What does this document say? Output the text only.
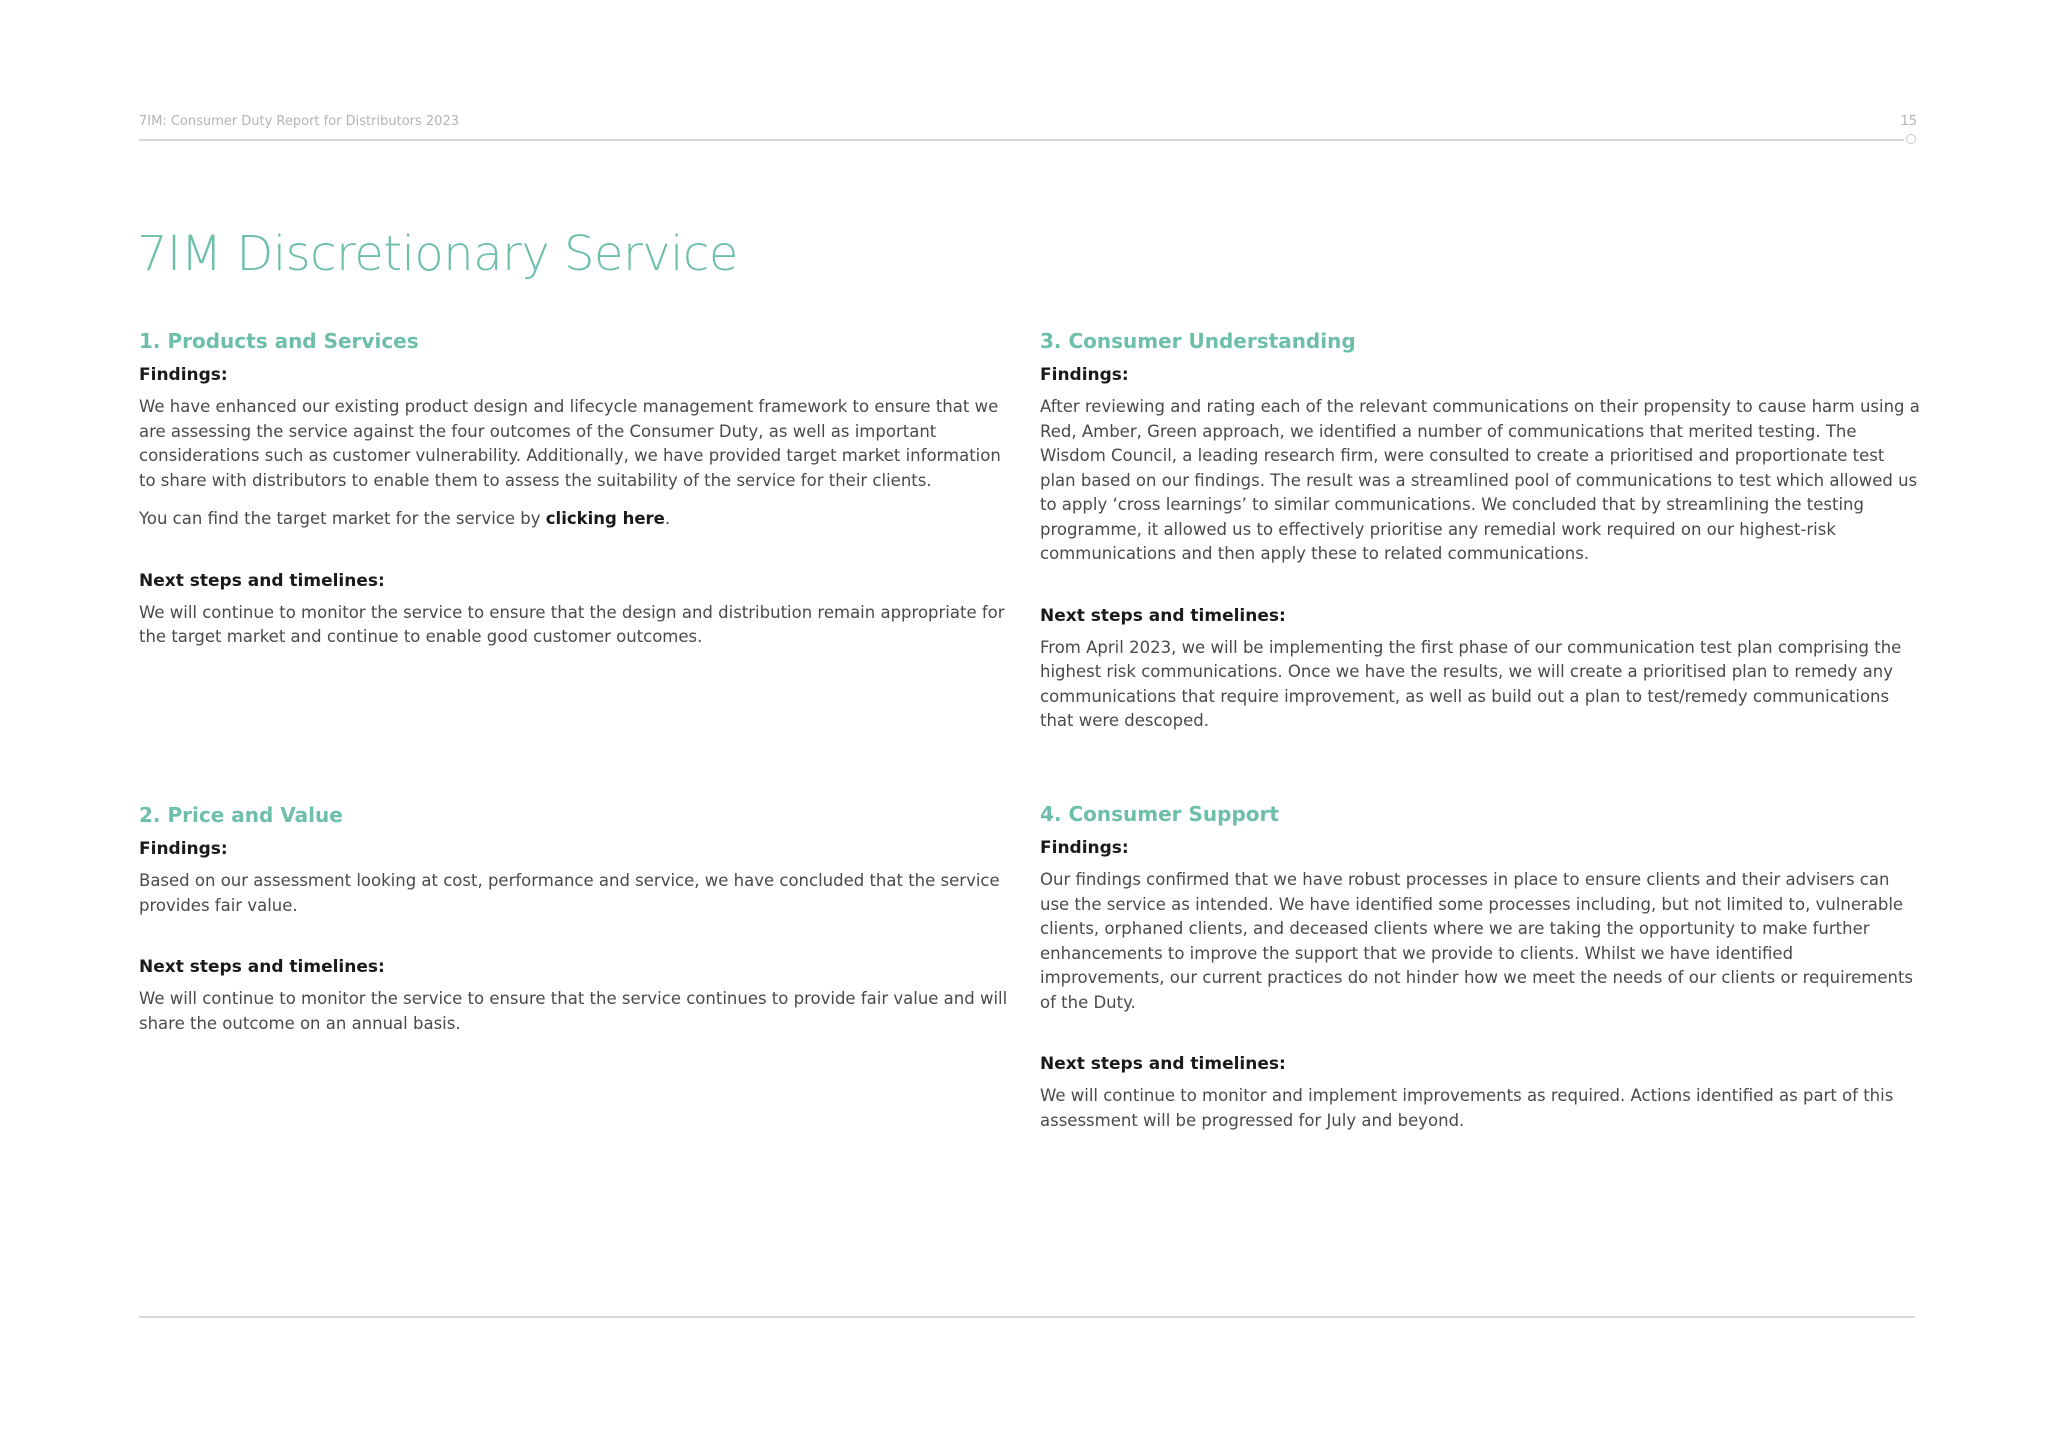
7IM: Consumer Duty Report for Distributors 2023	15
7IM Discretionary Service
1. Products and Services
Findings:

We have enhanced our existing product design and lifecycle management framework to ensure that we are assessing the service against the four outcomes of the Consumer Duty, as well as important considerations such as customer vulnerability. Additionally, we have provided target market information to share with distributors to enable them to assess the suitability of the service for their clients.

You can find the target market for the service by clicking here.

Next steps and timelines:

We will continue to monitor the service to ensure that the design and distribution remain appropriate for the target market and continue to enable good customer outcomes.

2. Price and Value
Findings:

Based on our assessment looking at cost, performance and service, we have concluded that the service provides fair value.

Next steps and timelines:

We will continue to monitor the service to ensure that the service continues to provide fair value and will share the outcome on an annual basis.

3. Consumer Understanding
Findings:

After reviewing and rating each of the relevant communications on their propensity to cause harm using a Red, Amber, Green approach, we identified a number of communications that merited testing. The Wisdom Council, a leading research firm, were consulted to create a prioritised and proportionate test plan based on our findings. The result was a streamlined pool of communications to test which allowed us to apply ‘cross learnings’ to similar communications. We concluded that by streamlining the testing programme, it allowed us to effectively prioritise any remedial work required on our highest-risk communications and then apply these to related communications.

Next steps and timelines:

From April 2023, we will be implementing the first phase of our communication test plan comprising the highest risk communications. Once we have the results, we will create a prioritised plan to remedy any communications that require improvement, as well as build out a plan to test/remedy communications that were descoped.

4. Consumer Support
Findings:

Our findings confirmed that we have robust processes in place to ensure clients and their advisers can use the service as intended. We have identified some processes including, but not limited to, vulnerable clients, orphaned clients, and deceased clients where we are taking the opportunity to make further enhancements to improve the support that we provide to clients. Whilst we have identified improvements, our current practices do not hinder how we meet the needs of our clients or requirements of the Duty.

Next steps and timelines:

We will continue to monitor and implement improvements as required. Actions identified as part of this assessment will be progressed for July and beyond.
